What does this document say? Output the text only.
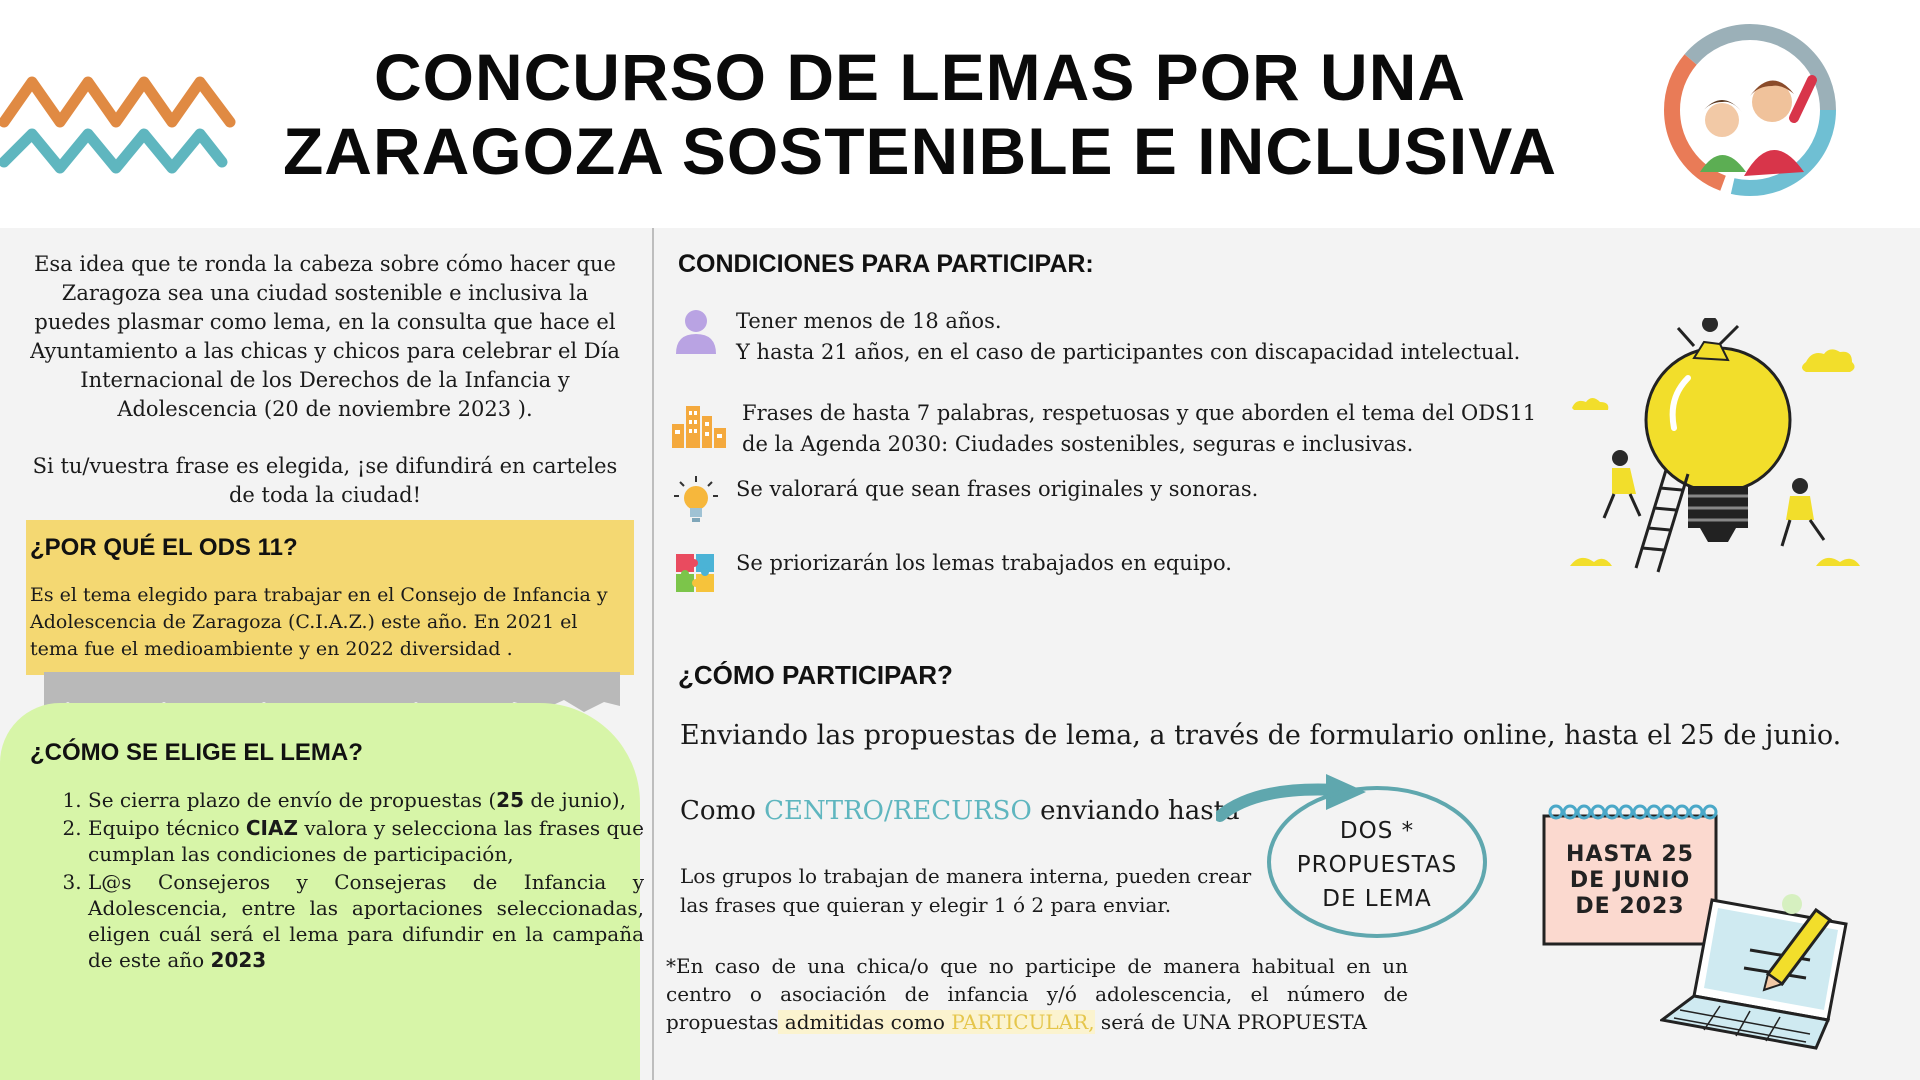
CONCURSO DE LEMAS POR UNA
ZARAGOZA SOSTENIBLE E INCLUSIVA

Esa idea que te ronda la cabeza sobre cómo hacer que Zaragoza sea una ciudad sostenible e inclusiva la puedes plasmar como lema, en la consulta que hace el Ayuntamiento a las chicas y chicos para celebrar el Día Internacional de los Derechos de la Infancia y Adolescencia (20 de noviembre 2023 ).

Si tu/vuestra frase es elegida, ¡se difundirá en carteles de toda la ciudad!

¿POR QUÉ EL ODS 11?
Es el tema elegido para trabajar en el Consejo de Infancia y Adolescencia de Zaragoza (C.I.A.Z.) este año. En 2021 el tema fue el medioambiente y en 2022 diversidad .
¿CÓMO SE ELIGE EL LEMA?
1. Se cierra plazo de envío de propuestas (25 de junio),
2. Equipo técnico CIAZ valora y selecciona las frases que cumplan las condiciones de participación,
3. L@s Consejeros y Consejeras de Infancia y Adolescencia, entre las aportaciones seleccionadas, eligen cuál será el lema para difundir en la campaña de este año 2023
CONDICIONES PARA PARTICIPAR:
Tener menos de 18 años.
Y hasta 21 años, en el caso de participantes con discapacidad intelectual.
Frases de hasta 7 palabras, respetuosas y que aborden el tema del ODS11
de la Agenda 2030: Ciudades sostenibles, seguras e inclusivas.
Se valorará que sean frases originales y sonoras.
Se priorizarán los lemas trabajados en equipo.
¿CÓMO PARTICIPAR?
Enviando las propuestas de lema, a través de formulario online, hasta el 25 de junio.
Como CENTRO/RECURSO enviando hasta
DOS *
PROPUESTAS
DE LEMA
Los grupos lo trabajan de manera interna, pueden crear las frases que quieran y elegir 1 ó 2 para enviar.
*En caso de una chica/o que no participe de manera habitual en un centro o asociación de infancia y/ó adolescencia, el número de propuestas admitidas como PARTICULAR, será de UNA PROPUESTA
HASTA 25
DE JUNIO
DE 2023
